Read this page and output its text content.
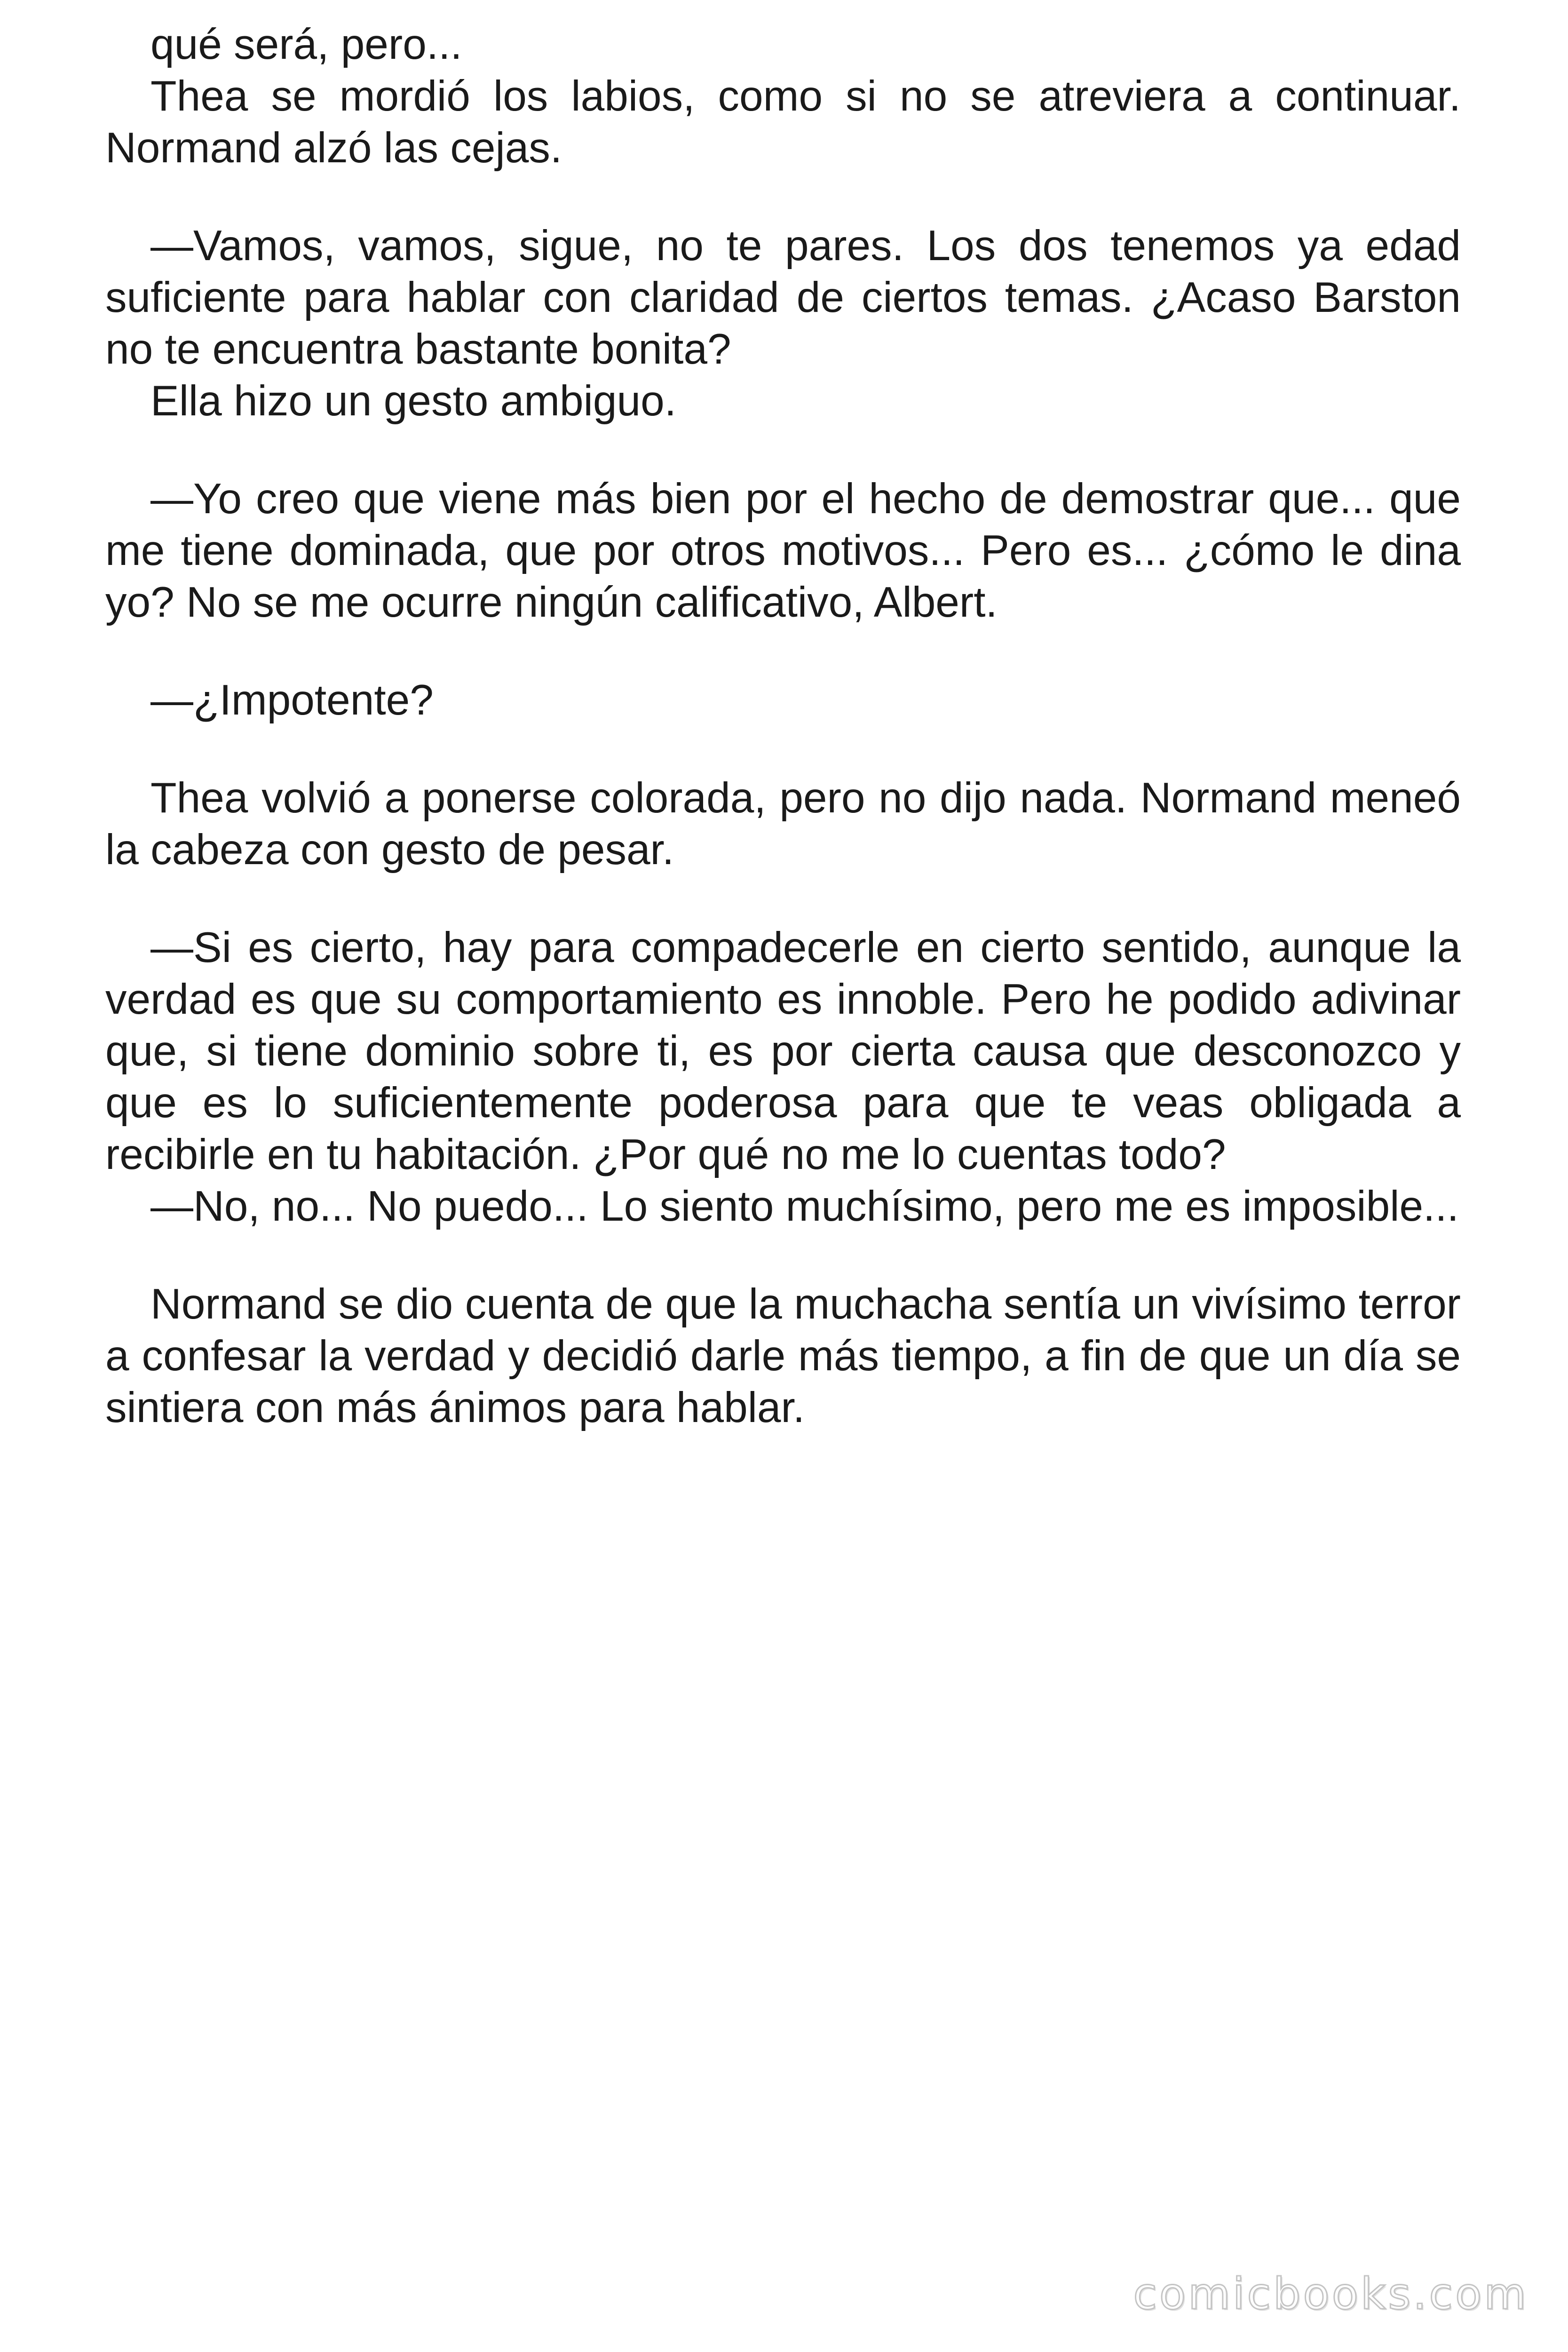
qué será, pero...

Thea se mordió los labios, como si no se atreviera a continuar. Normand alzó las cejas.

—Vamos, vamos, sigue, no te pares. Los dos tenemos ya edad suficiente para hablar con claridad de ciertos temas. ¿Acaso Barston no te encuentra bastante bonita?

Ella hizo un gesto ambiguo.

—Yo creo que viene más bien por el hecho de demostrar que... que me tiene dominada, que por otros motivos... Pero es... ¿cómo le dina yo? No se me ocurre ningún calificativo, Albert.

—¿Impotente?

Thea volvió a ponerse colorada, pero no dijo nada. Normand meneó la cabeza con gesto de pesar.

—Si es cierto, hay para compadecerle en cierto sentido, aunque la verdad es que su comportamiento es innoble. Pero he podido adivinar que, si tiene dominio sobre ti, es por cierta causa que desconozco y que es lo suficientemente poderosa para que te veas obligada a recibirle en tu habitación. ¿Por qué no me lo cuentas todo?

—No, no... No puedo... Lo siento muchísimo, pero me es imposible...

Normand se dio cuenta de que la muchacha sentía un vivísimo terror a confesar la verdad y decidió darle más tiempo, a fin de que un día se sintiera con más ánimos para hablar.

comicbooks.com
